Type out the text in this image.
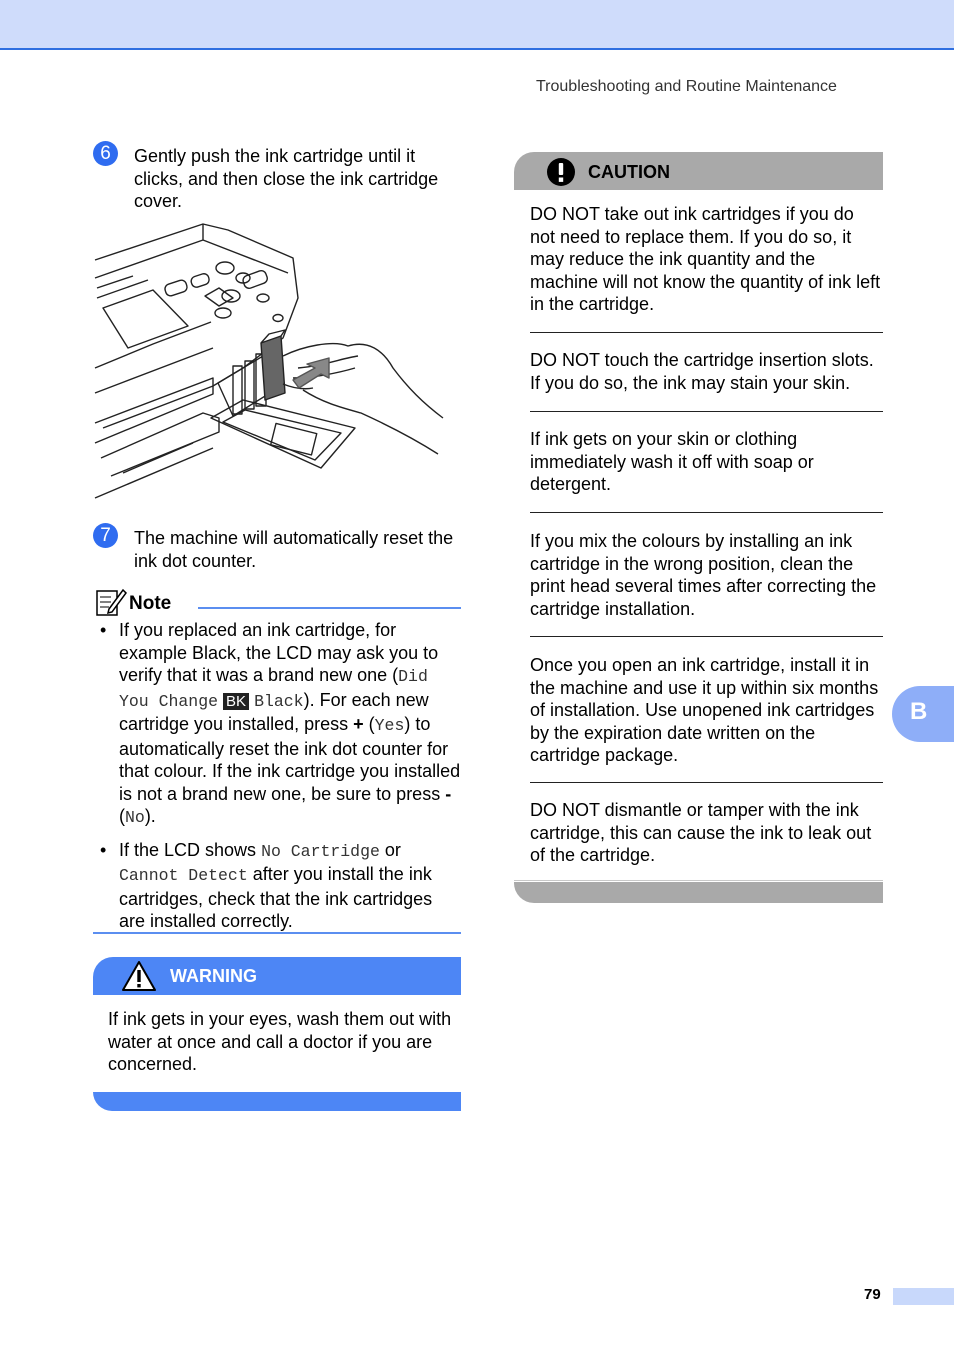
Troubleshooting and Routine Maintenance
6	Gently push the ink cartridge until it clicks, and then close the ink cartridge cover.
7	The machine will automatically reset the ink dot counter.
Note
• If you replaced an ink cartridge, for example Black, the LCD may ask you to verify that it was a brand new one (Did You Change BK Black). For each new cartridge you installed, press + (Yes) to automatically reset the ink dot counter for that colour. If the ink cartridge you installed is not a brand new one, be sure to press - (No).
• If the LCD shows No Cartridge or Cannot Detect after you install the ink cartridges, check that the ink cartridges are installed correctly.
WARNING
If ink gets in your eyes, wash them out with water at once and call a doctor if you are concerned.
CAUTION
DO NOT take out ink cartridges if you do not need to replace them. If you do so, it may reduce the ink quantity and the machine will not know the quantity of ink left in the cartridge.
DO NOT touch the cartridge insertion slots. If you do so, the ink may stain your skin.
If ink gets on your skin or clothing immediately wash it off with soap or detergent.
If you mix the colours by installing an ink cartridge in the wrong position, clean the print head several times after correcting the cartridge installation.
Once you open an ink cartridge, install it in the machine and use it up within six months of installation. Use unopened ink cartridges by the expiration date written on the cartridge package.
DO NOT dismantle or tamper with the ink cartridge, this can cause the ink to leak out of the cartridge.
B
79
